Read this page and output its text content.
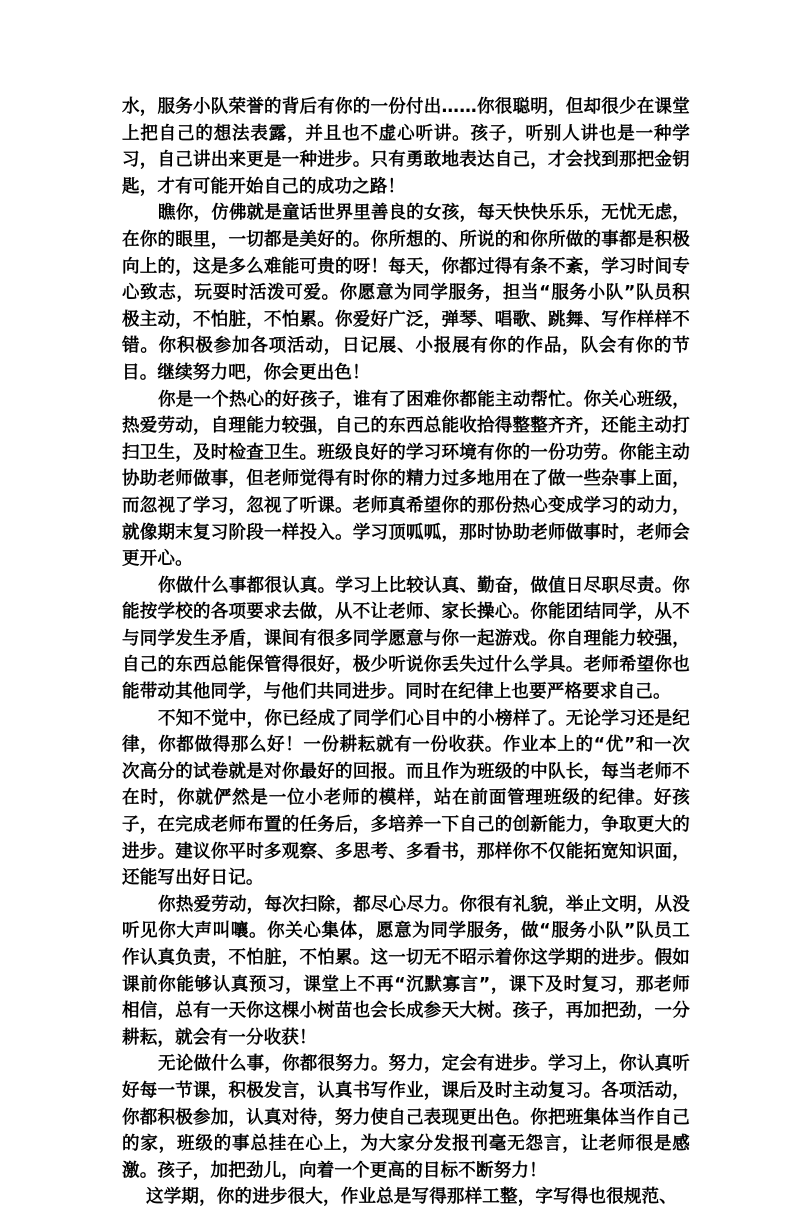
水，服务小队荣誉的背后有你的一份付出……你很聪明，但却很少在课堂上把自己的想法表露，并且也不虚心听讲。孩子，听别人讲也是一种学习，自己讲出来更是一种进步。只有勇敢地表达自己，才会找到那把金钥匙，才有可能开始自己的成功之路！

瞧你，仿佛就是童话世界里善良的女孩，每天快快乐乐，无忧无虑，在你的眼里，一切都是美好的。你所想的、所说的和你所做的事都是积极向上的，这是多么难能可贵的呀！每天，你都过得有条不紊，学习时间专心致志，玩耍时活泼可爱。你愿意为同学服务，担当“服务小队”队员积极主动，不怕脏，不怕累。你爱好广泛，弹琴、唱歌、跳舞、写作样样不错。你积极参加各项活动，日记展、小报展有你的作品，队会有你的节目。继续努力吧，你会更出色！

你是一个热心的好孩子，谁有了困难你都能主动帮忙。你关心班级，热爱劳动，自理能力较强，自己的东西总能收拾得整整齐齐，还能主动打扫卫生，及时检查卫生。班级良好的学习环境有你的一份功劳。你能主动协助老师做事，但老师觉得有时你的精力过多地用在了做一些杂事上面，而忽视了学习，忽视了听课。老师真希望你的那份热心变成学习的动力，就像期末复习阶段一样投入。学习顶呱呱，那时协助老师做事时，老师会更开心。

你做什么事都很认真。学习上比较认真、勤奋，做值日尽职尽责。你能按学校的各项要求去做，从不让老师、家长操心。你能团结同学，从不与同学发生矛盾，课间有很多同学愿意与你一起游戏。你自理能力较强，自己的东西总能保管得很好，极少听说你丢失过什么学具。老师希望你也能带动其他同学，与他们共同进步。同时在纪律上也要严格要求自己。

不知不觉中，你已经成了同学们心目中的小榜样了。无论学习还是纪律，你都做得那么好！一份耕耘就有一份收获。作业本上的“优”和一次次高分的试卷就是对你最好的回报。而且作为班级的中队长，每当老师不在时，你就俨然是一位小老师的模样，站在前面管理班级的纪律。好孩子，在完成老师布置的任务后，多培养一下自己的创新能力，争取更大的进步。建议你平时多观察、多思考、多看书，那样你不仅能拓宽知识面，还能写出好日记。

你热爱劳动，每次扫除，都尽心尽力。你很有礼貌，举止文明，从没听见你大声叫嚷。你关心集体，愿意为同学服务，做“服务小队”队员工作认真负责，不怕脏，不怕累。这一切无不昭示着你这学期的进步。假如课前你能够认真预习，课堂上不再“沉默寡言”，课下及时复习，那老师相信，总有一天你这棵小树苗也会长成参天大树。孩子，再加把劲，一分耕耘，就会有一分收获！

无论做什么事，你都很努力。努力，定会有进步。学习上，你认真听好每一节课，积极发言，认真书写作业，课后及时主动复习。各项活动，你都积极参加，认真对待，努力使自己表现更出色。你把班集体当作自己的家，班级的事总挂在心上，为大家分发报刊毫无怨言，让老师很是感激。孩子，加把劲儿，向着一个更高的目标不断努力！

这学期，你的进步很大，作业总是写得那样工整，字写得也很规范、
